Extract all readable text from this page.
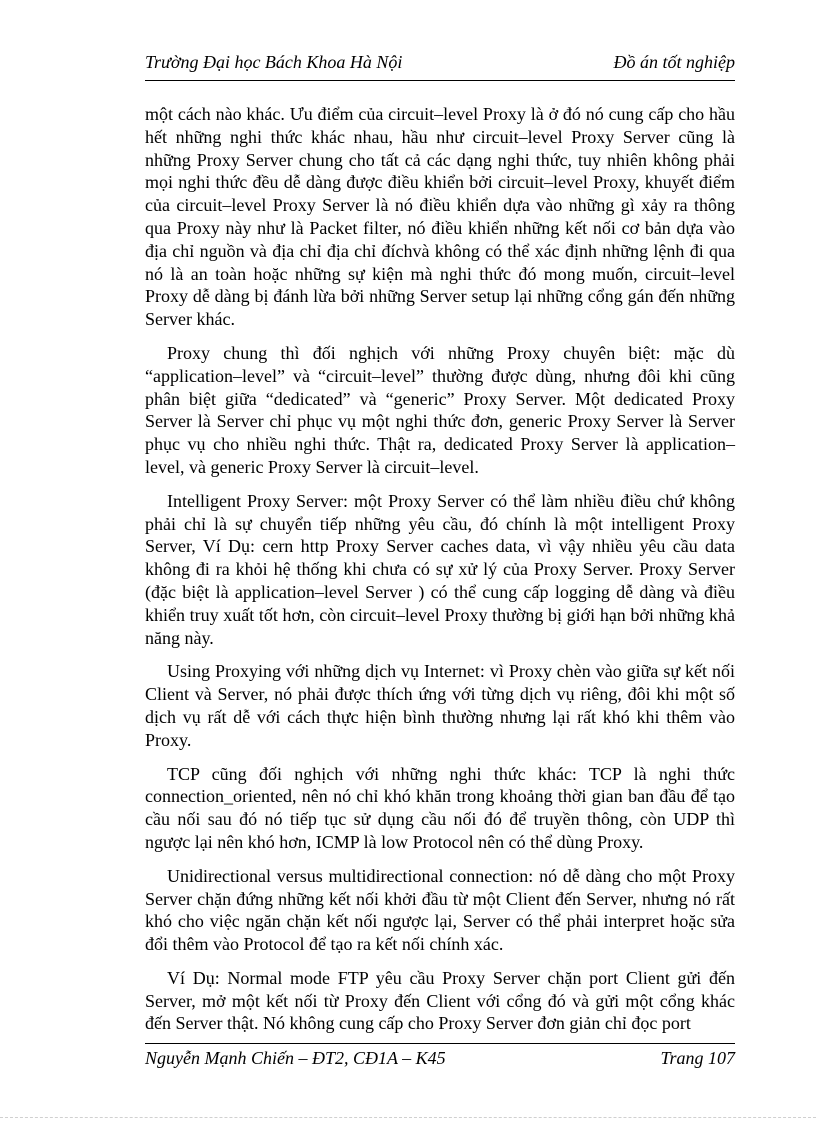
Trường Đại học Bách Khoa Hà Nội	Đồ án tốt nghiệp

một cách nào khác. Ưu điểm của circuit–level Proxy là ở đó nó cung cấp cho hầu hết những nghi thức khác nhau, hầu như circuit–level Proxy Server cũng là những Proxy Server chung cho tất cả các dạng nghi thức, tuy nhiên không phải mọi nghi thức đều dễ dàng được điều khiển bởi circuit–level Proxy, khuyết điểm của circuit–level Proxy Server là nó điều khiển dựa vào những gì xảy ra thông qua Proxy này như là Packet filter, nó điều khiển những kết nối cơ bản dựa vào địa chỉ nguồn và địa chỉ địa chỉ đíchvà không có thể xác định những lệnh đi qua nó là an toàn hoặc những sự kiện mà nghi thức đó mong muốn, circuit–level Proxy dễ dàng bị đánh lừa bởi những Server setup lại những cổng gán đến những Server khác.

Proxy chung thì đối nghịch với những Proxy chuyên biệt: mặc dù “application–level” và “circuit–level” thường được dùng, nhưng đôi khi cũng phân biệt giữa “dedicated” và “generic” Proxy Server. Một dedicated Proxy Server là Server chỉ phục vụ một nghi thức đơn, generic Proxy Server là Server phục vụ cho nhiều nghi thức. Thật ra, dedicated Proxy Server là application–level, và generic Proxy Server là circuit–level.

Intelligent Proxy Server: một Proxy Server có thể làm nhiều điều chứ không phải chỉ là sự chuyển tiếp những yêu cầu, đó chính là một intelligent Proxy Server, Ví Dụ: cern http Proxy Server caches data, vì vậy nhiều yêu cầu data không đi ra khỏi hệ thống khi chưa có sự xử lý của Proxy Server. Proxy Server (đặc biệt là application–level Server ) có thể cung cấp logging dễ dàng và điều khiển truy xuất tốt hơn, còn circuit–level Proxy thường bị giới hạn bởi những khả năng này.

Using Proxying với những dịch vụ Internet: vì Proxy chèn vào giữa sự kết nối Client và Server, nó phải được thích ứng với từng dịch vụ riêng, đôi khi một số dịch vụ rất dễ với cách thực hiện bình thường nhưng lại rất khó khi thêm vào Proxy.

TCP cũng đối nghịch với những nghi thức khác: TCP là nghi thức connection_oriented, nên nó chỉ khó khăn trong khoảng thời gian ban đầu để tạo cầu nối sau đó nó tiếp tục sử dụng cầu nối đó để truyền thông, còn UDP thì ngược lại nên khó hơn, ICMP là low Protocol nên có thể dùng Proxy.

Unidirectional versus multidirectional connection: nó dễ dàng cho một Proxy Server chặn đứng những kết nối khởi đầu từ một Client đến Server, nhưng nó rất khó cho việc ngăn chặn kết nối ngược lại, Server có thể phải interpret hoặc sửa đổi thêm vào Protocol để tạo ra kết nối chính xác.

Ví Dụ: Normal mode FTP yêu cầu Proxy Server chặn port Client gửi đến Server, mở một kết nối từ Proxy đến Client với cổng đó và gửi một cổng khác đến Server thật. Nó không cung cấp cho Proxy Server đơn giản chỉ đọc port

Nguyễn Mạnh Chiến – ĐT2, CĐ1A – K45	Trang 107
